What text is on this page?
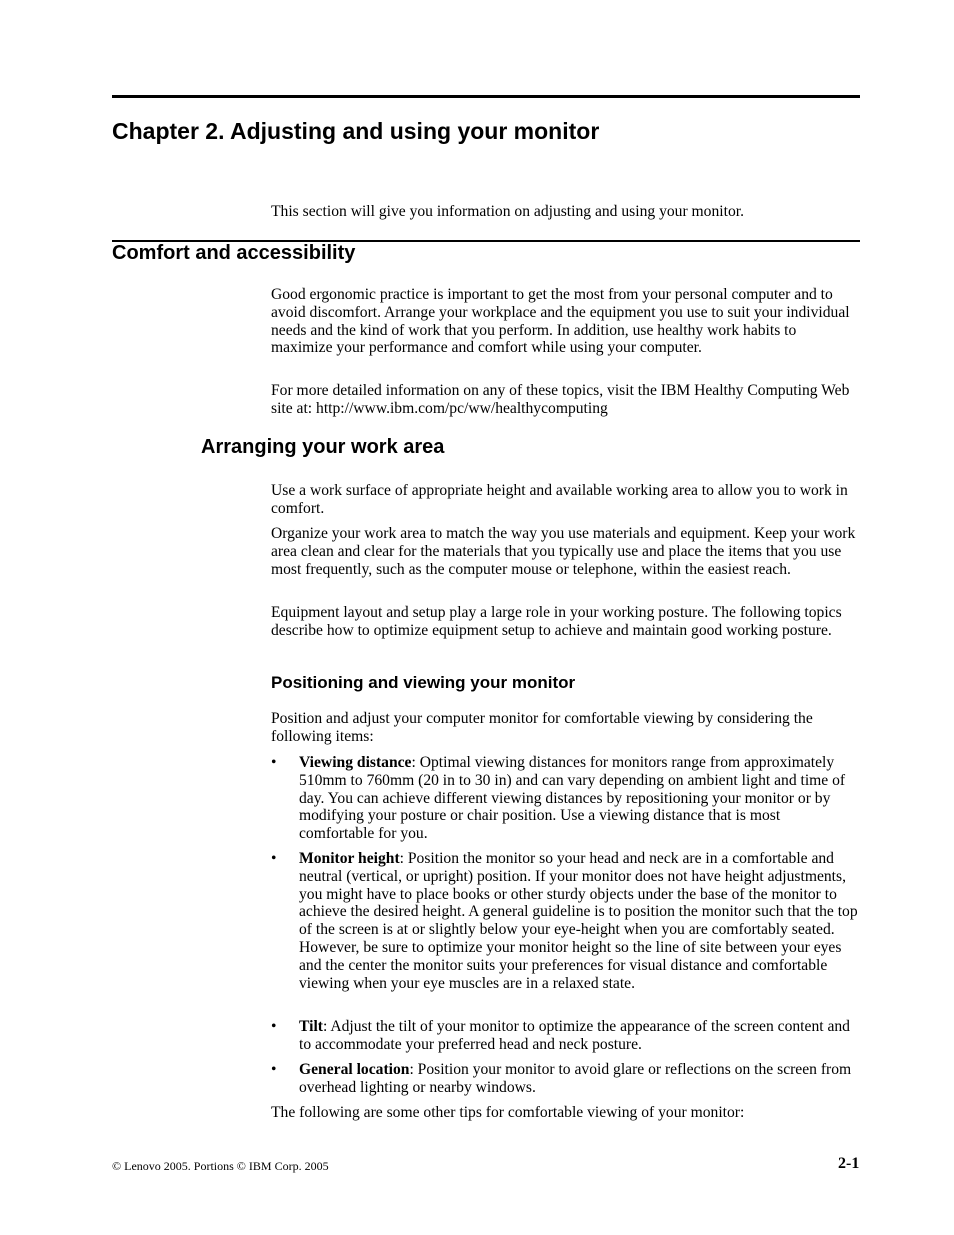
Chapter 2. Adjusting and using your monitor

This section will give you information on adjusting and using your monitor.

Comfort and accessibility

Good ergonomic practice is important to get the most from your personal computer and to avoid discomfort. Arrange your workplace and the equipment you use to suit your individual needs and the kind of work that you perform. In addition, use healthy work habits to maximize your performance and comfort while using your computer.

For more detailed information on any of these topics, visit the IBM Healthy Computing Web site at: http://www.ibm.com/pc/ww/healthycomputing

Arranging your work area

Use a work surface of appropriate height and available working area to allow you to work in comfort.

Organize your work area to match the way you use materials and equipment. Keep your work area clean and clear for the materials that you typically use and place the items that you use most frequently, such as the computer mouse or telephone, within the easiest reach.

Equipment layout and setup play a large role in your working posture. The following topics describe how to optimize equipment setup to achieve and maintain good working posture.

Positioning and viewing your monitor

Position and adjust your computer monitor for comfortable viewing by considering the following items:

•	Viewing distance: Optimal viewing distances for monitors range from approximately 510mm to 760mm (20 in to 30 in) and can vary depending on ambient light and time of day. You can achieve different viewing distances by repositioning your monitor or by modifying your posture or chair position. Use a viewing distance that is most comfortable for you.
•	Monitor height: Position the monitor so your head and neck are in a comfortable and neutral (vertical, or upright) position. If your monitor does not have height adjustments, you might have to place books or other sturdy objects under the base of the monitor to achieve the desired height. A general guideline is to position the monitor such that the top of the screen is at or slightly below your eye-height when you are comfortably seated. However, be sure to optimize your monitor height so the line of site between your eyes and the center the monitor suits your preferences for visual distance and comfortable viewing when your eye muscles are in a relaxed state.
•	Tilt: Adjust the tilt of your monitor to optimize the appearance of the screen content and to accommodate your preferred head and neck posture.
•	General location: Position your monitor to avoid glare or reflections on the screen from overhead lighting or nearby windows.

The following are some other tips for comfortable viewing of your monitor:

© Lenovo 2005. Portions © IBM Corp. 2005	2-1
